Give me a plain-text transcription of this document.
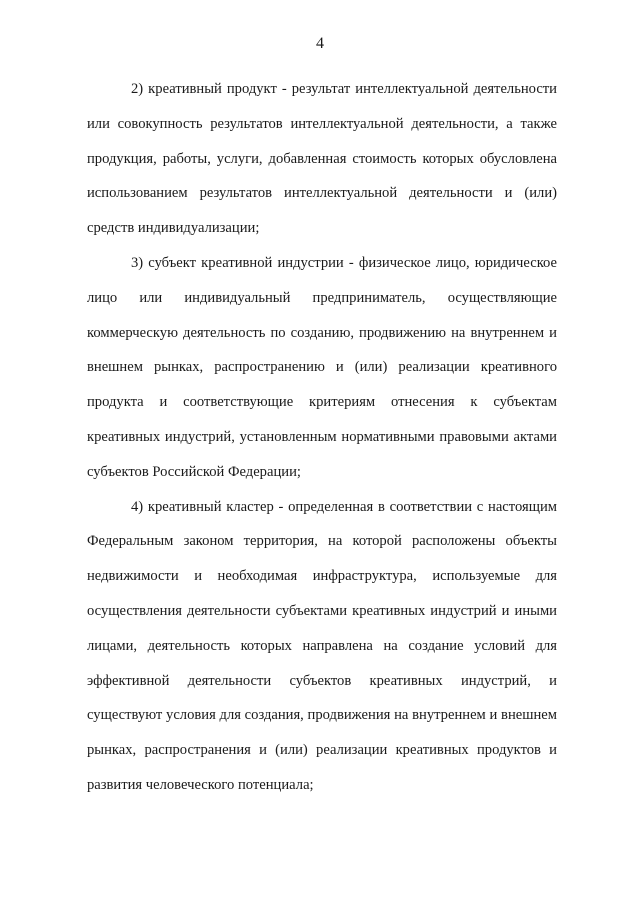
4

2) креативный продукт - результат интеллектуальной деятельности или совокупность результатов интеллектуальной деятельности, а также продукция, работы, услуги, добавленная стоимость которых обусловлена использованием результатов интеллектуальной деятельности и (или) средств индивидуализации;

3) субъект креативной индустрии - физическое лицо, юридическое лицо или индивидуальный предприниматель, осуществляющие коммерческую деятельность по созданию, продвижению на внутреннем и внешнем рынках, распространению и (или) реализации креативного продукта и соответствующие критериям отнесения к субъектам креативных индустрий, установленным нормативными правовыми актами субъектов Российской Федерации;

4) креативный кластер - определенная в соответствии с настоящим Федеральным законом территория, на которой расположены объекты недвижимости и необходимая инфраструктура, используемые для осуществления деятельности субъектами креативных индустрий и иными лицами, деятельность которых направлена на создание условий для эффективной деятельности субъектов креативных индустрий, и существуют условия для создания, продвижения на внутреннем и внешнем рынках, распространения и (или) реализации креативных продуктов и развития человеческого потенциала;
